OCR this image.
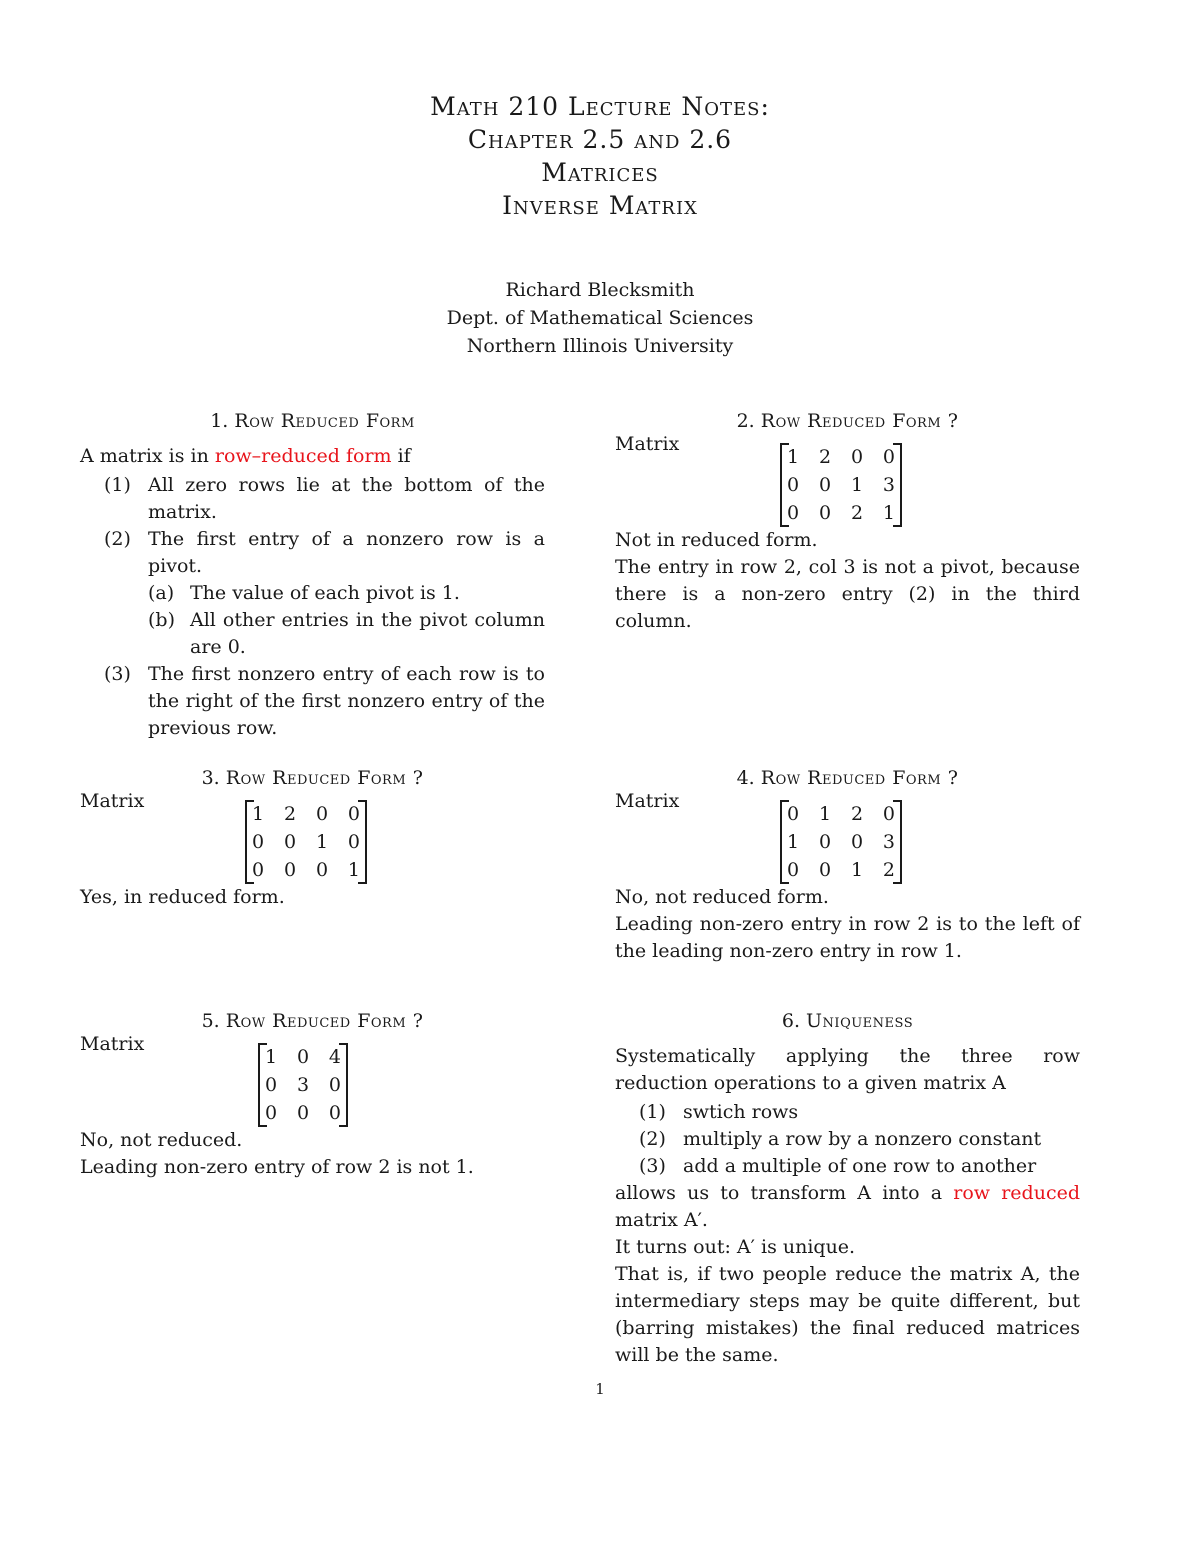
Math 210 Lecture Notes:
Chapter 2.5 and 2.6
Matrices
Inverse Matrix
Richard Blecksmith
Dept. of Mathematical Sciences
Northern Illinois University
1. Row Reduced Form

A matrix is in row–reduced form if

(1) All zero rows lie at the bottom of the matrix.
(2) The first entry of a nonzero row is a pivot.
(a) The value of each pivot is 1.
(b) All other entries in the pivot column are 0.
(3) The first nonzero entry of each row is to the right of the first nonzero entry of the previous row.
2. Row Reduced Form ?
Matrix
1	2	0	0
0	0	1	3
0	0	2	1

Not in reduced form.

The entry in row 2, col 3 is not a pivot, because there is a non-zero entry (2) in the third column.

3. Row Reduced Form ?
Matrix
1	2	0	0
0	0	1	0
0	0	0	1

Yes, in reduced form.

4. Row Reduced Form ?
Matrix
0	1	2	0
1	0	0	3
0	0	1	2

No, not reduced form.

Leading non-zero entry in row 2 is to the left of the leading non-zero entry in row 1.

5. Row Reduced Form ?
Matrix
1	0	4
0	3	0
0	0	0

No, not reduced.

Leading non-zero entry of row 2 is not 1.

6. Uniqueness

Systematically applying the three row reduction operations to a given matrix A

(1) swtich rows
(2) multiply a row by a nonzero constant
(3) add a multiple of one row to another

allows us to transform A into a row reduced matrix A′.

It turns out: A′ is unique.

That is, if two people reduce the matrix A, the intermediary steps may be quite different, but (barring mistakes) the final reduced matrices will be the same.

1
